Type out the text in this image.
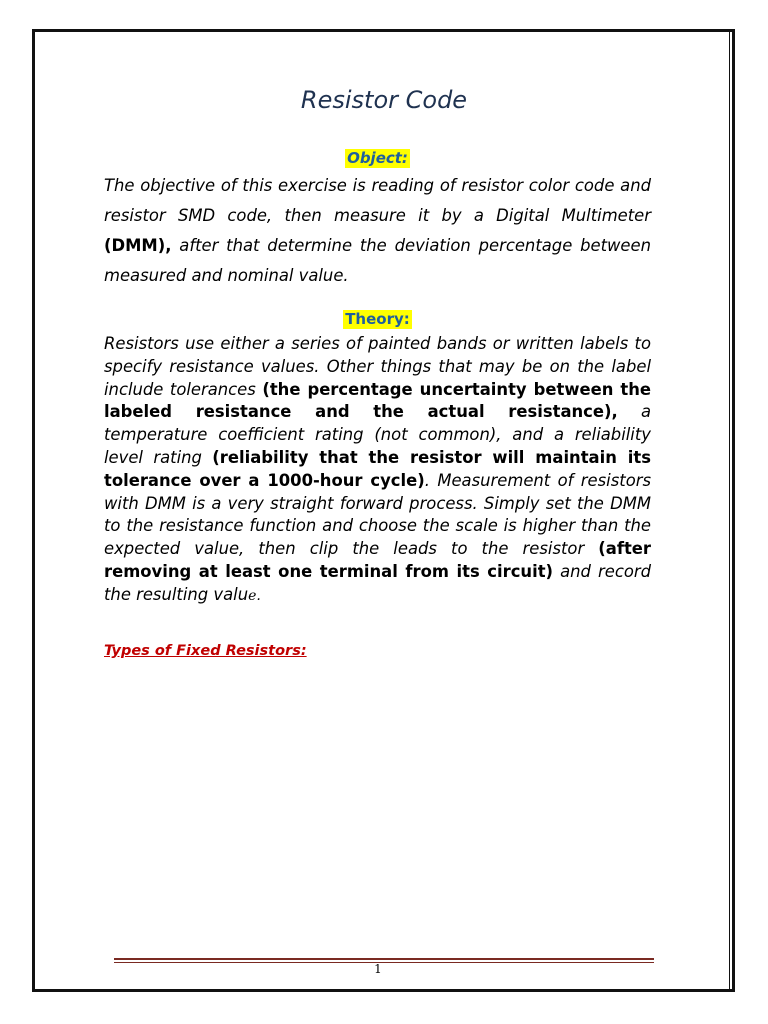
Resistor Code
Object:
The objective of this exercise is reading of resistor color code and resistor SMD code, then measure it by a Digital Multimeter (DMM), after that determine the deviation percentage between measured and nominal value.
Theory:
Resistors use either a series of painted bands or written labels to specify resistance values. Other things that may be on the label include tolerances (the percentage uncertainty between the labeled resistance and the actual resistance), a temperature coefficient rating (not common), and a reliability level rating (reliability that the resistor will maintain its tolerance over a 1000-hour cycle). Measurement of resistors with DMM is a very straight forward process. Simply set the DMM to the resistance function and choose the scale is higher than the expected value, then clip the leads to the resistor (after removing at least one terminal from its circuit) and record the resulting value.
Types of Fixed Resistors:
1
